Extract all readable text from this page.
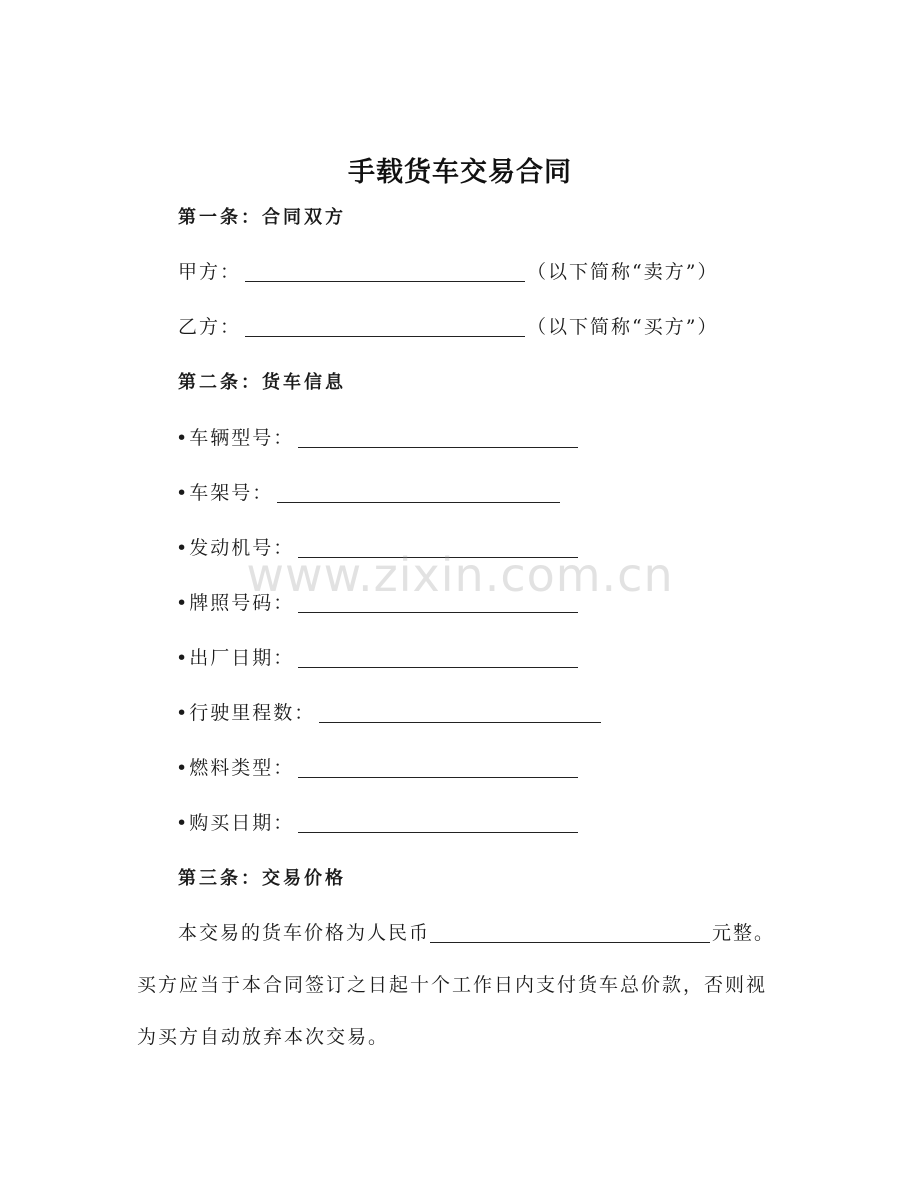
手载货车交易合同
第一条：合同双方
甲方：	（以下简称“卖方”）
乙方：	（以下简称“买方”）
第二条：货车信息
• 车辆型号：
• 车架号：
• 发动机号：
• 牌照号码：
• 出厂日期：
• 行驶里程数：
• 燃料类型：
• 购买日期：
第三条：交易价格
本交易的货车价格为人民币	元整。
买方应当于本合同签订之日起十个工作日内支付货车总价款，否则视
为买方自动放弃本次交易。
www.zixin.com.cn
